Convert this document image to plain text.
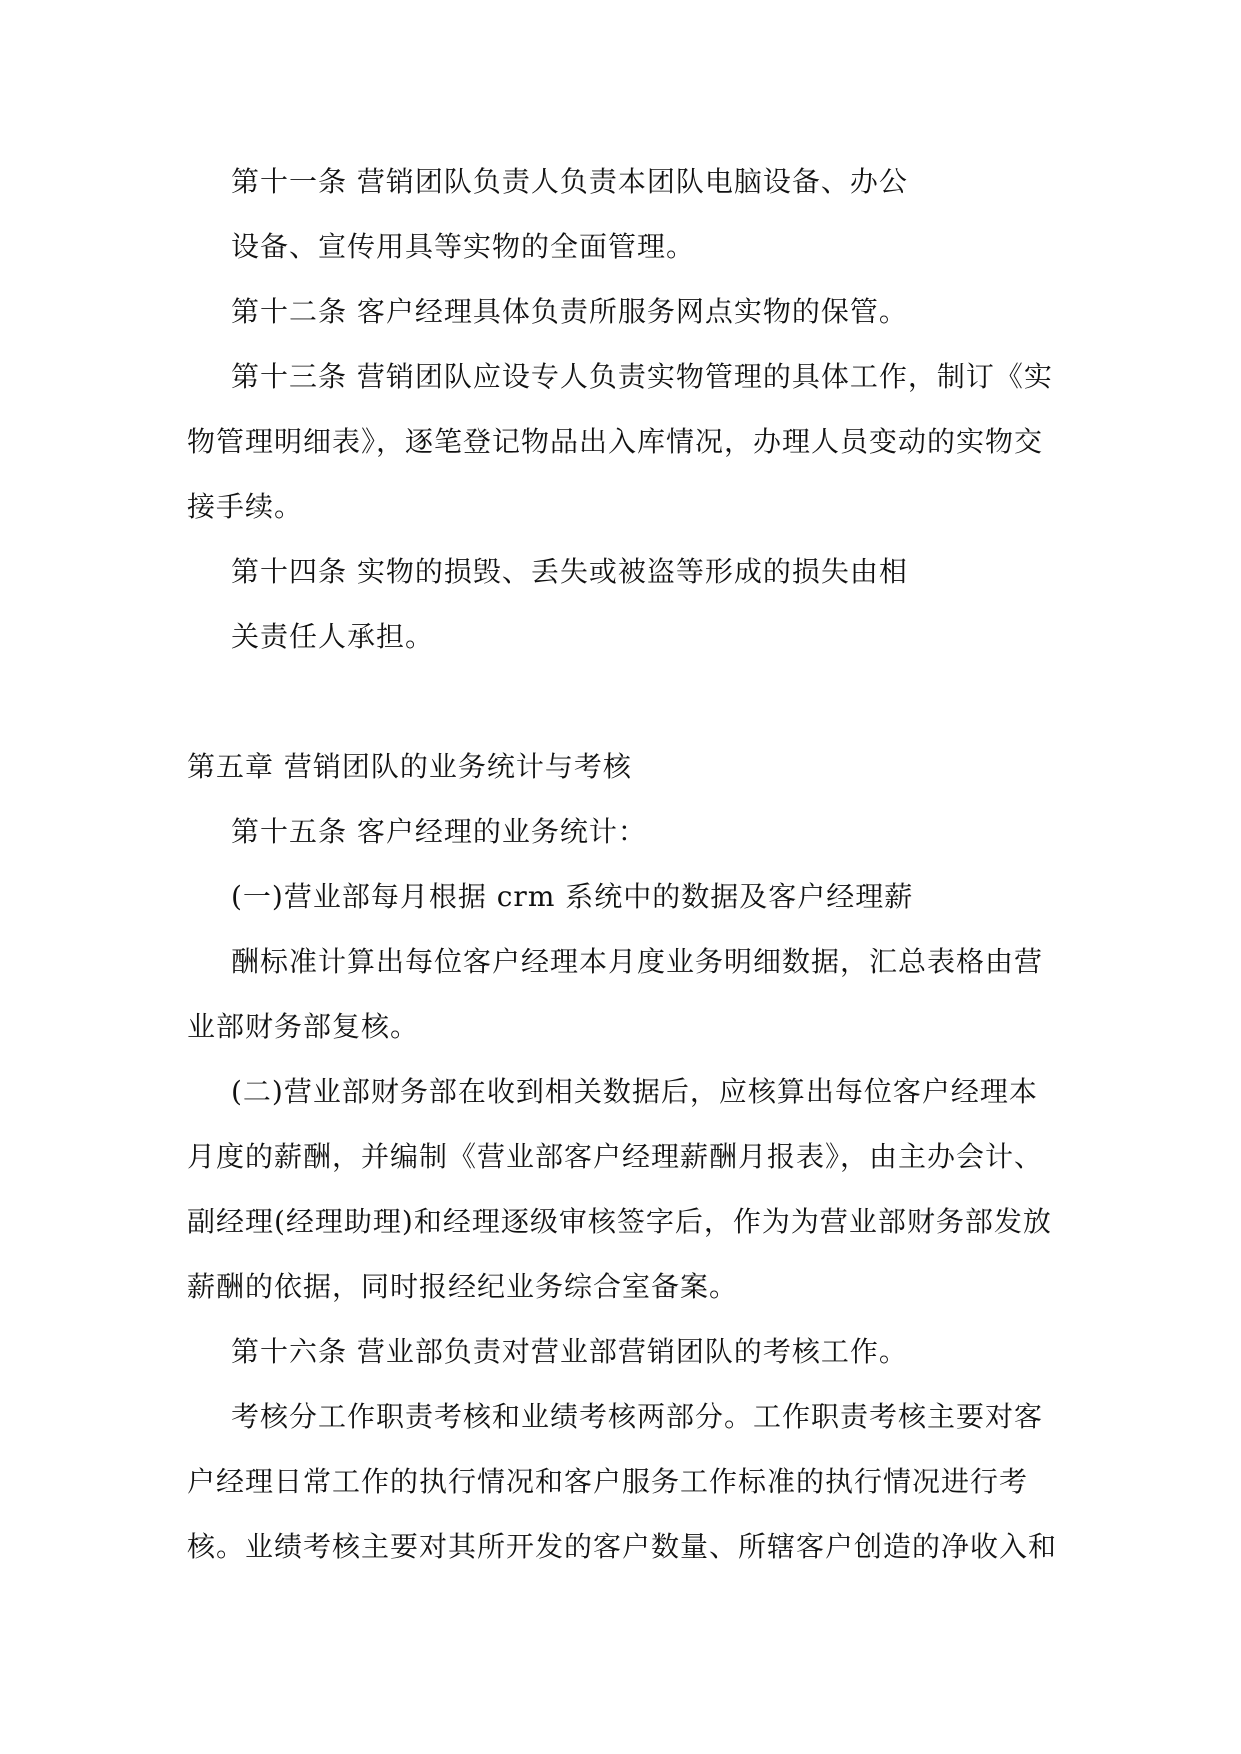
第十一条 营销团队负责人负责本团队电脑设备、办公
设备、宣传用具等实物的全面管理。
第十二条 客户经理具体负责所服务网点实物的保管。
第十三条 营销团队应设专人负责实物管理的具体工作，制订《实
物管理明细表》，逐笔登记物品出入库情况，办理人员变动的实物交
接手续。
第十四条 实物的损毁、丢失或被盗等形成的损失由相
关责任人承担。
第五章 营销团队的业务统计与考核
第十五条 客户经理的业务统计：
(一)营业部每月根据 crm 系统中的数据及客户经理薪
酬标准计算出每位客户经理本月度业务明细数据，汇总表格由营
业部财务部复核。
(二)营业部财务部在收到相关数据后，应核算出每位客户经理本
月度的薪酬，并编制《营业部客户经理薪酬月报表》，由主办会计、
副经理(经理助理)和经理逐级审核签字后，作为为营业部财务部发放
薪酬的依据，同时报经纪业务综合室备案。
第十六条 营业部负责对营业部营销团队的考核工作。
考核分工作职责考核和业绩考核两部分。工作职责考核主要对客
户经理日常工作的执行情况和客户服务工作标准的执行情况进行考
核。业绩考核主要对其所开发的客户数量、所辖客户创造的净收入和
